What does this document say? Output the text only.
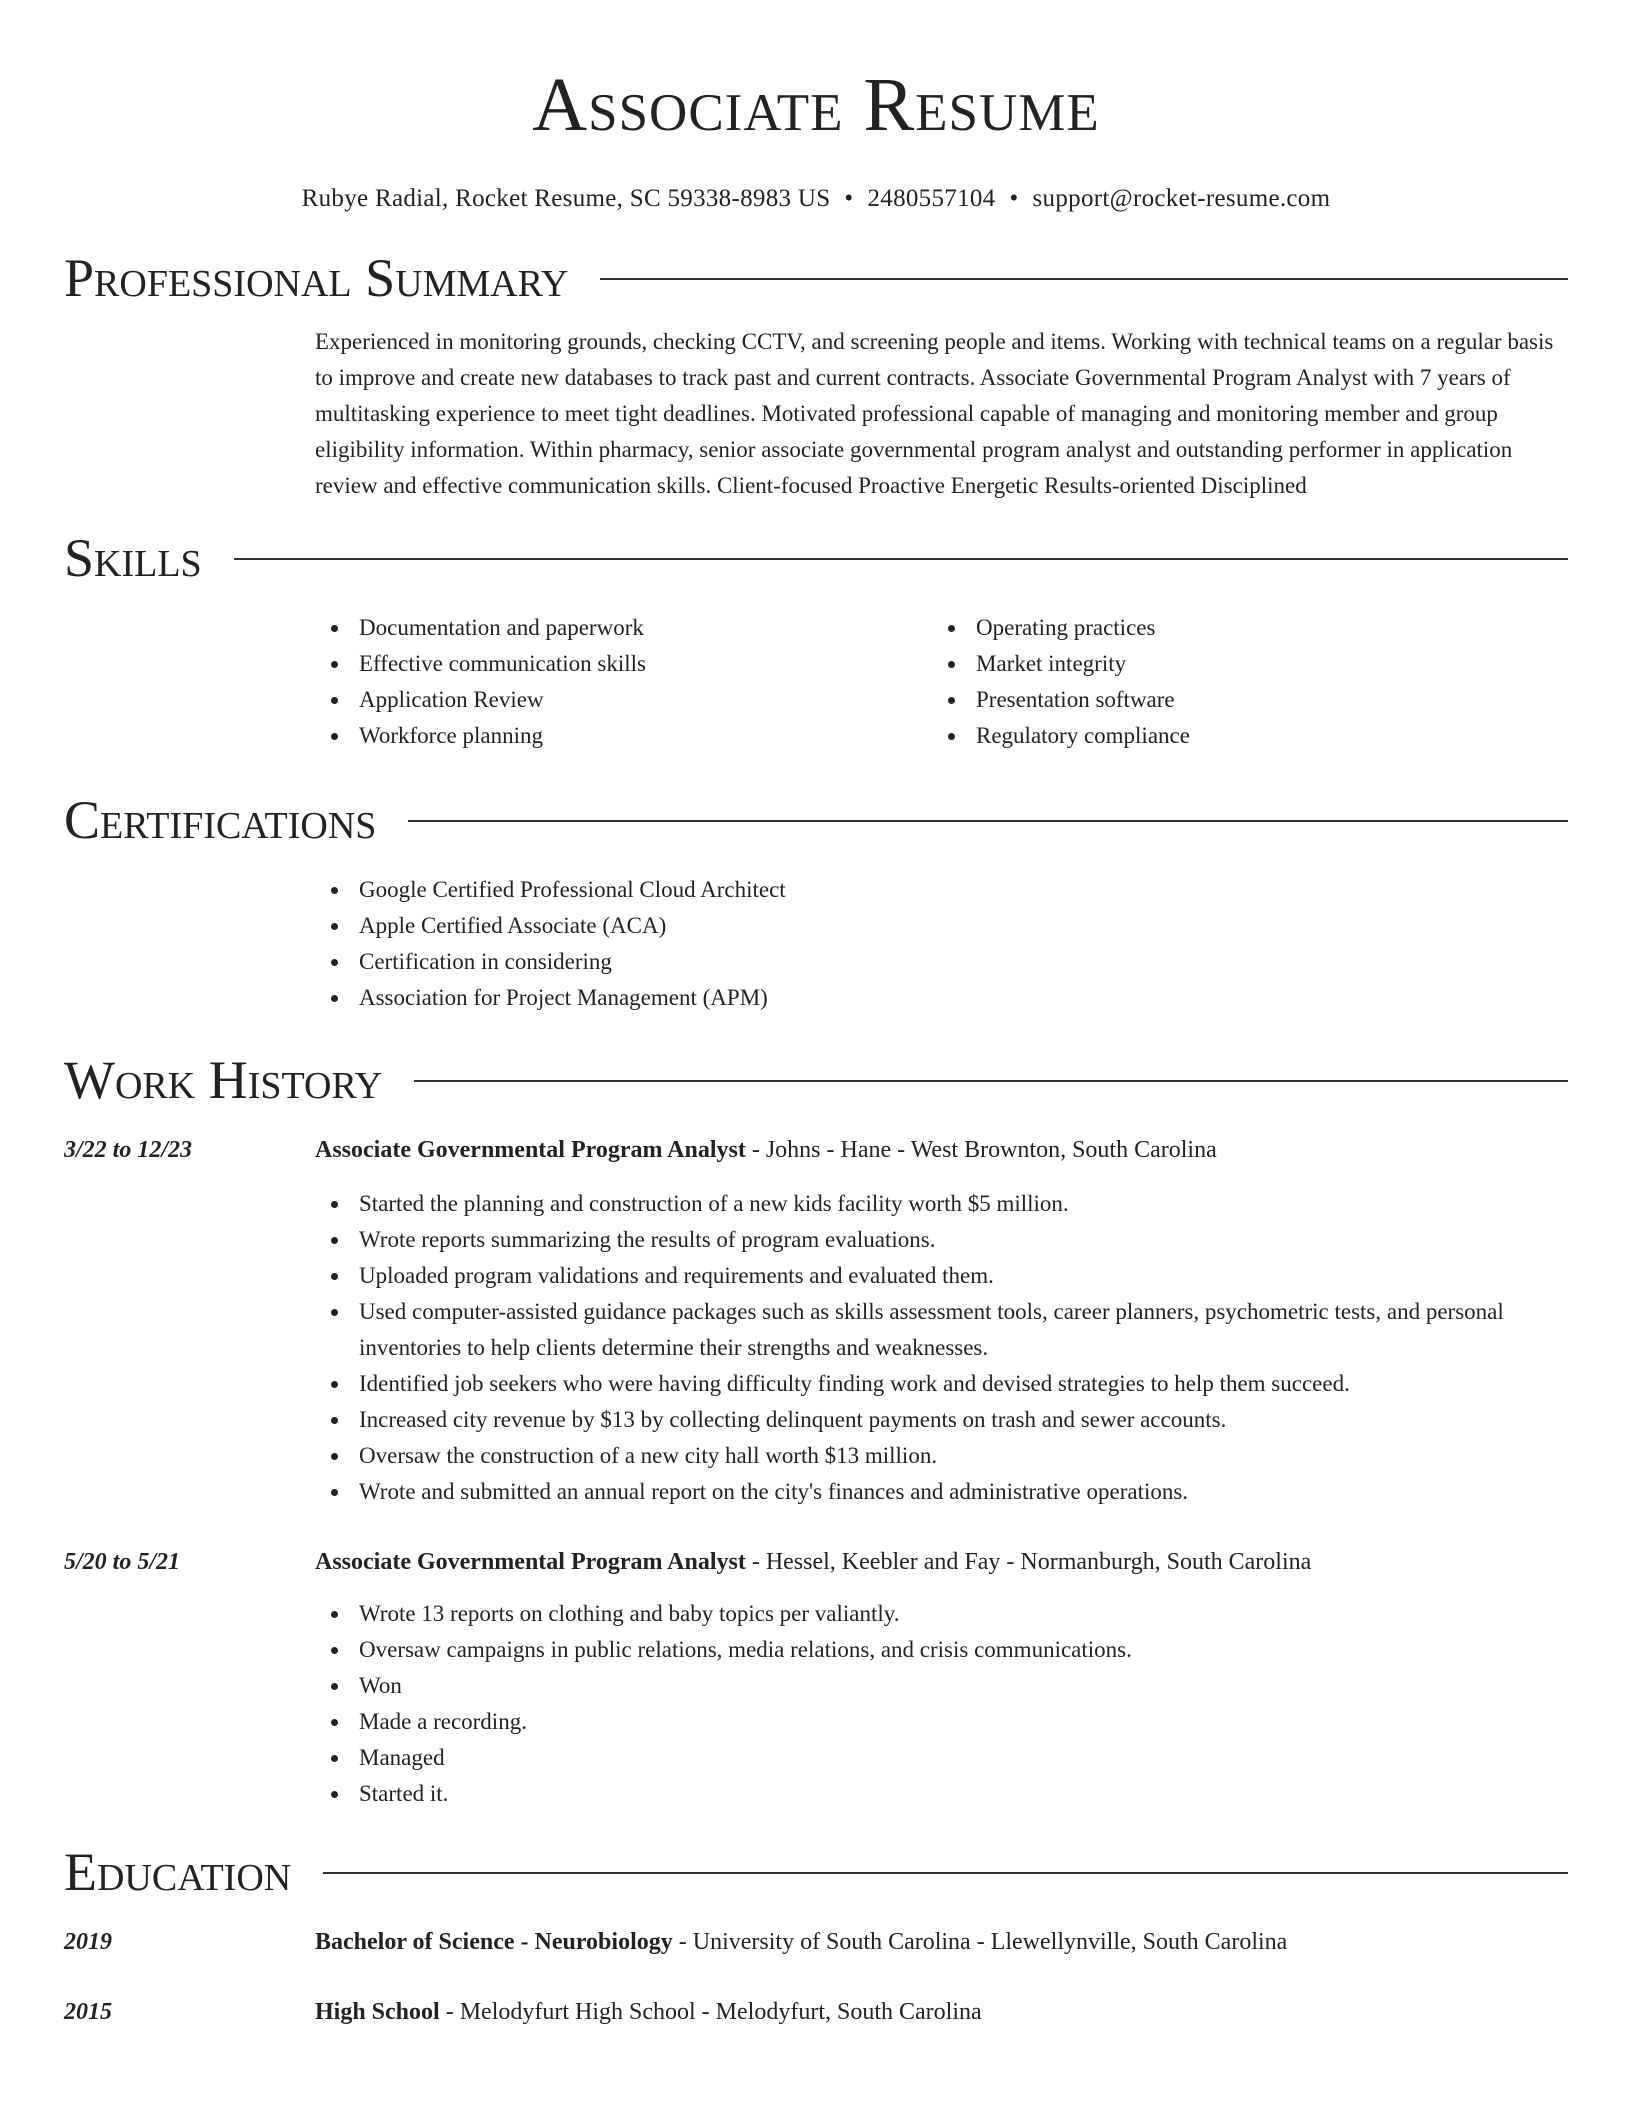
Associate Resume
Rubye Radial, Rocket Resume, SC 59338-8983 US • 2480557104 • support@rocket-resume.com
Professional Summary

Experienced in monitoring grounds, checking CCTV, and screening people and items. Working with technical teams on a regular basis to improve and create new databases to track past and current contracts. Associate Governmental Program Analyst with 7 years of multitasking experience to meet tight deadlines. Motivated professional capable of managing and monitoring member and group eligibility information. Within pharmacy, senior associate governmental program analyst and outstanding performer in application review and effective communication skills. Client-focused Proactive Energetic Results-oriented Disciplined

Skills
Documentation and paperwork
Effective communication skills
Application Review
Workforce planning
Operating practices
Market integrity
Presentation software
Regulatory compliance
Certifications
Google Certified Professional Cloud Architect
Apple Certified Associate (ACA)
Certification in considering
Association for Project Management (APM)
Work History
3/22 to 12/23	Associate Governmental Program Analyst - Johns - Hane - West Brownton, South Carolina
Started the planning and construction of a new kids facility worth $5 million.
Wrote reports summarizing the results of program evaluations.
Uploaded program validations and requirements and evaluated them.
Used computer-assisted guidance packages such as skills assessment tools, career planners, psychometric tests, and personal inventories to help clients determine their strengths and weaknesses.
Identified job seekers who were having difficulty finding work and devised strategies to help them succeed.
Increased city revenue by $13 by collecting delinquent payments on trash and sewer accounts.
Oversaw the construction of a new city hall worth $13 million.
Wrote and submitted an annual report on the city's finances and administrative operations.
5/20 to 5/21	Associate Governmental Program Analyst - Hessel, Keebler and Fay - Normanburgh, South Carolina
Wrote 13 reports on clothing and baby topics per valiantly.
Oversaw campaigns in public relations, media relations, and crisis communications.
Won
Made a recording.
Managed
Started it.
Education
2019	Bachelor of Science - Neurobiology - University of South Carolina - Llewellynville, South Carolina
2015	High School - Melodyfurt High School - Melodyfurt, South Carolina
